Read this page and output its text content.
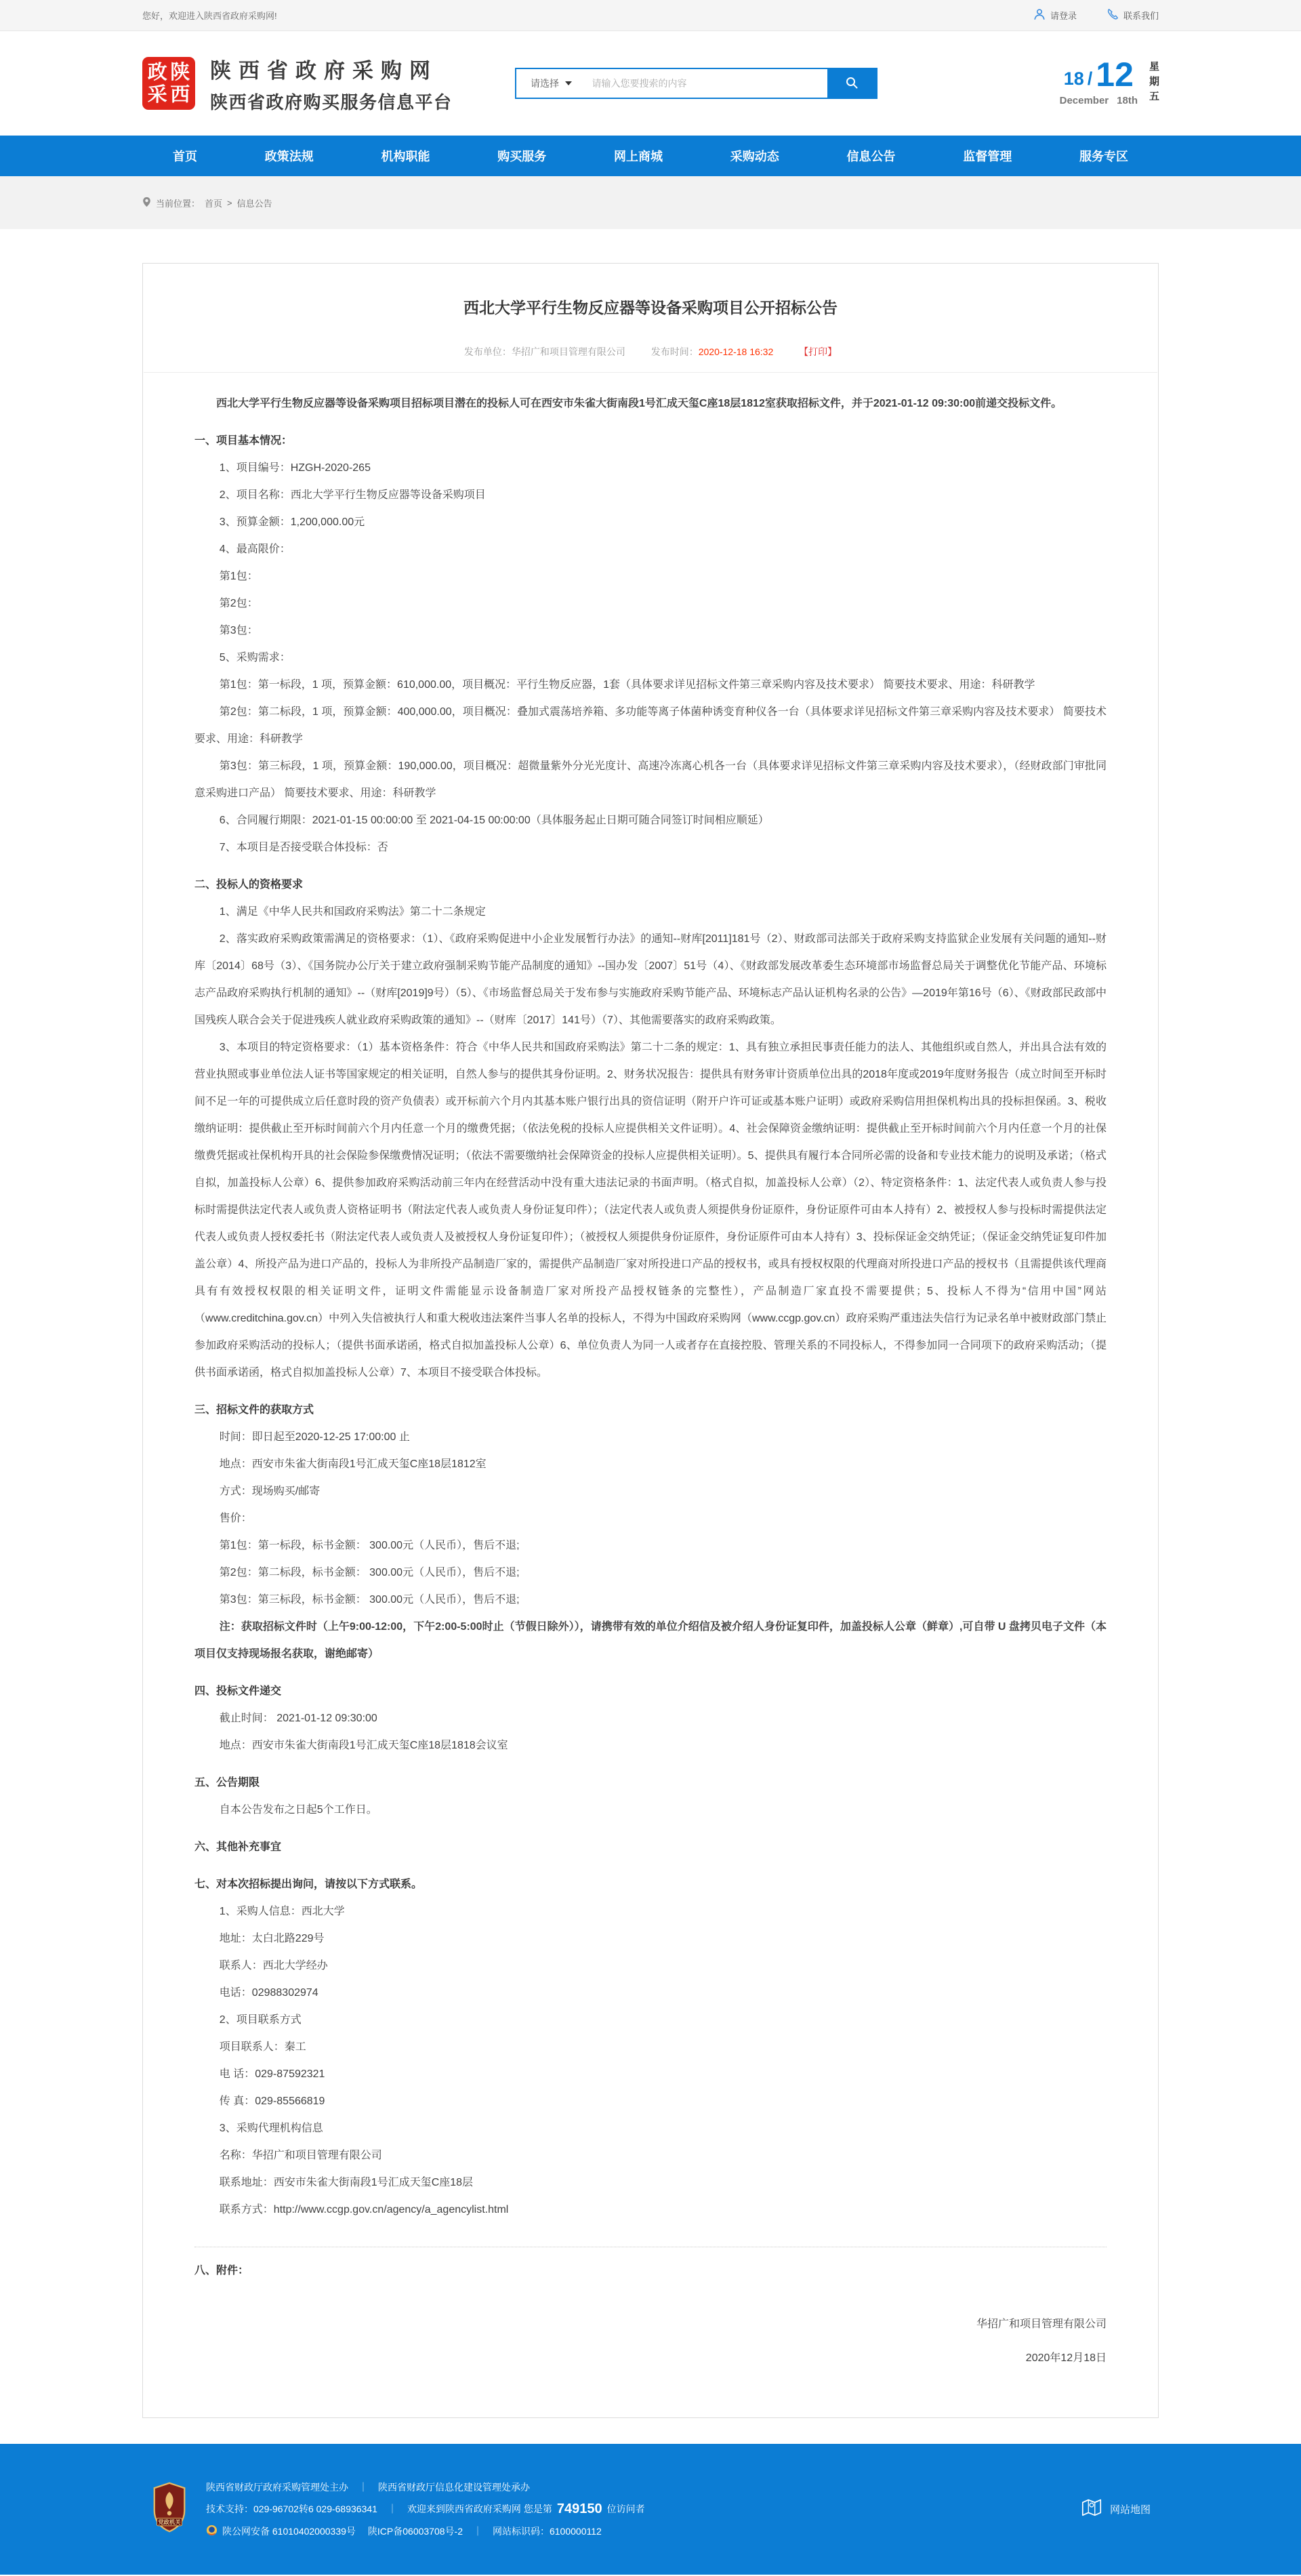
您好，欢迎进入陕西省政府采购网!	请登录	联系我们
政 陕
采 西
陕西省政府采购网
陕西省政府购买服务信息平台
请选择
请输入您要搜索的内容	18 / 12
December 18th 星期五
首页	政策法规	机构职能	购买服务	网上商城	采购动态	信息公告	监督管理	服务专区
当前位置： 首页 > 信息公告
西北大学平行生物反应器等设备采购项目公开招标公告
发布单位：华招广和项目管理有限公司	发布时间：2020-12-18 16:32	【打印】

西北大学平行生物反应器等设备采购项目招标项目潜在的投标人可在西安市朱雀大街南段1号汇成天玺C座18层1812室获取招标文件，并于2021-01-12 09:30:00前递交投标文件。

一、项目基本情况：

1、项目编号：HZGH-2020-265

2、项目名称：西北大学平行生物反应器等设备采购项目

3、预算金额：1,200,000.00元

4、最高限价：

第1包：

第2包：

第3包：

5、采购需求：

第1包：第一标段，1 项，预算金额：610,000.00，项目概况：平行生物反应器，1套（具体要求详见招标文件第三章采购内容及技术要求） 简要技术要求、用途：科研教学

第2包：第二标段，1 项，预算金额：400,000.00，项目概况：叠加式震荡培养箱、多功能等离子体菌种诱变育种仪各一台（具体要求详见招标文件第三章采购内容及技术要求） 简要技术要求、用途：科研教学

第3包：第三标段，1 项，预算金额：190,000.00，项目概况：超微量紫外分光光度计、高速冷冻离心机各一台（具体要求详见招标文件第三章采购内容及技术要求），（经财政部门审批同意采购进口产品） 简要技术要求、用途：科研教学

6、合同履行期限：2021-01-15 00:00:00 至 2021-04-15 00:00:00（具体服务起止日期可随合同签订时间相应顺延）

7、本项目是否接受联合体投标：否

二、投标人的资格要求

1、满足《中华人民共和国政府采购法》第二十二条规定

2、落实政府采购政策需满足的资格要求：（1）、《政府采购促进中小企业发展暂行办法》的通知--财库[2011]181号（2）、财政部司法部关于政府采购支持监狱企业发展有关问题的通知--财库〔2014〕68号（3）、《国务院办公厅关于建立政府强制采购节能产品制度的通知》--国办发〔2007〕51号（4）、《财政部发展改革委生态环境部市场监督总局关于调整优化节能产品、环境标志产品政府采购执行机制的通知》--（财库[2019]9号）（5）、《市场监督总局关于发布参与实施政府采购节能产品、环境标志产品认证机构名录的公告》—2019年第16号（6）、《财政部民政部中国残疾人联合会关于促进残疾人就业政府采购政策的通知》--（财库〔2017〕141号）（7）、其他需要落实的政府采购政策。

3、本项目的特定资格要求：（1）基本资格条件：符合《中华人民共和国政府采购法》第二十二条的规定：1、具有独立承担民事责任能力的法人、其他组织或自然人，并出具合法有效的营业执照或事业单位法人证书等国家规定的相关证明，自然人参与的提供其身份证明。2、财务状况报告：提供具有财务审计资质单位出具的2018年度或2019年度财务报告（成立时间至开标时间不足一年的可提供成立后任意时段的资产负债表）或开标前六个月内其基本账户银行出具的资信证明（附开户许可证或基本账户证明）或政府采购信用担保机构出具的投标担保函。3、税收缴纳证明：提供截止至开标时间前六个月内任意一个月的缴费凭据；（依法免税的投标人应提供相关文件证明）。4、社会保障资金缴纳证明：提供截止至开标时间前六个月内任意一个月的社保缴费凭据或社保机构开具的社会保险参保缴费情况证明；（依法不需要缴纳社会保障资金的投标人应提供相关证明）。5、提供具有履行本合同所必需的设备和专业技术能力的说明及承诺；（格式自拟，加盖投标人公章）6、提供参加政府采购活动前三年内在经营活动中没有重大违法记录的书面声明。（格式自拟，加盖投标人公章）（2）、特定资格条件：1、法定代表人或负责人参与投标时需提供法定代表人或负责人资格证明书（附法定代表人或负责人身份证复印件）；（法定代表人或负责人须提供身份证原件，身份证原件可由本人持有）2、被授权人参与投标时需提供法定代表人或负责人授权委托书（附法定代表人或负责人及被授权人身份证复印件）；（被授权人须提供身份证原件，身份证原件可由本人持有）3、投标保证金交纳凭证；（保证金交纳凭证复印件加盖公章）4、所投产品为进口产品的，投标人为非所投产品制造厂家的，需提供产品制造厂家对所投进口产品的授权书，或具有授权权限的代理商对所投进口产品的授权书（且需提供该代理商具有有效授权权限的相关证明文件，证明文件需能显示设备制造厂家对所投产品授权链条的完整性），产品制造厂家直投不需要提供；5、投标人不得为“信用中国”网站（www.creditchina.gov.cn）中列入失信被执行人和重大税收违法案件当事人名单的投标人，不得为中国政府采购网（www.ccgp.gov.cn）政府采购严重违法失信行为记录名单中被财政部门禁止参加政府采购活动的投标人；（提供书面承诺函，格式自拟加盖投标人公章）6、单位负责人为同一人或者存在直接控股、管理关系的不同投标人，不得参加同一合同项下的政府采购活动；（提供书面承诺函，格式自拟加盖投标人公章）7、本项目不接受联合体投标。

三、招标文件的获取方式

时间：即日起至2020-12-25 17:00:00 止

地点：西安市朱雀大街南段1号汇成天玺C座18层1812室

方式：现场购买/邮寄

售价：

第1包：第一标段，标书金额： 300.00元（人民币），售后不退;

第2包：第二标段，标书金额： 300.00元（人民币），售后不退;

第3包：第三标段，标书金额： 300.00元（人民币），售后不退;

注：获取招标文件时（上午9:00-12:00，下午2:00-5:00时止（节假日除外）），请携带有效的单位介绍信及被介绍人身份证复印件，加盖投标人公章（鲜章）,可自带 U 盘拷贝电子文件（本项目仅支持现场报名获取，谢绝邮寄）

四、投标文件递交

截止时间： 2021-01-12 09:30:00

地点：西安市朱雀大街南段1号汇成天玺C座18层1818会议室

五、公告期限

自本公告发布之日起5个工作日。

六、其他补充事宜

七、对本次招标提出询问，请按以下方式联系。

1、采购人信息：西北大学

地址：太白北路229号

联系人：西北大学经办

电话：02988302974

2、项目联系方式

项目联系人：秦工

电 话：029-87592321

传 真：029-85566819

3、采购代理机构信息

名称：华招广和项目管理有限公司

联系地址：西安市朱雀大街南段1号汇成天玺C座18层

联系方式：http://www.ccgp.gov.cn/agency/a_agencylist.html

八、附件：

华招广和项目管理有限公司
2020年12月18日
党政机关
陕西省财政厅政府采购管理处主办 ｜ 陕西省财政厅信息化建设管理处承办
技术支持：029-96702转6 029-68936341 ｜ 欢迎来到陕西省政府采购网 您是第 749150 位访问者
陕公网安备 61010402000339号 陕ICP备06003708号-2 ｜ 网站标识码：6100000112
网站地图
